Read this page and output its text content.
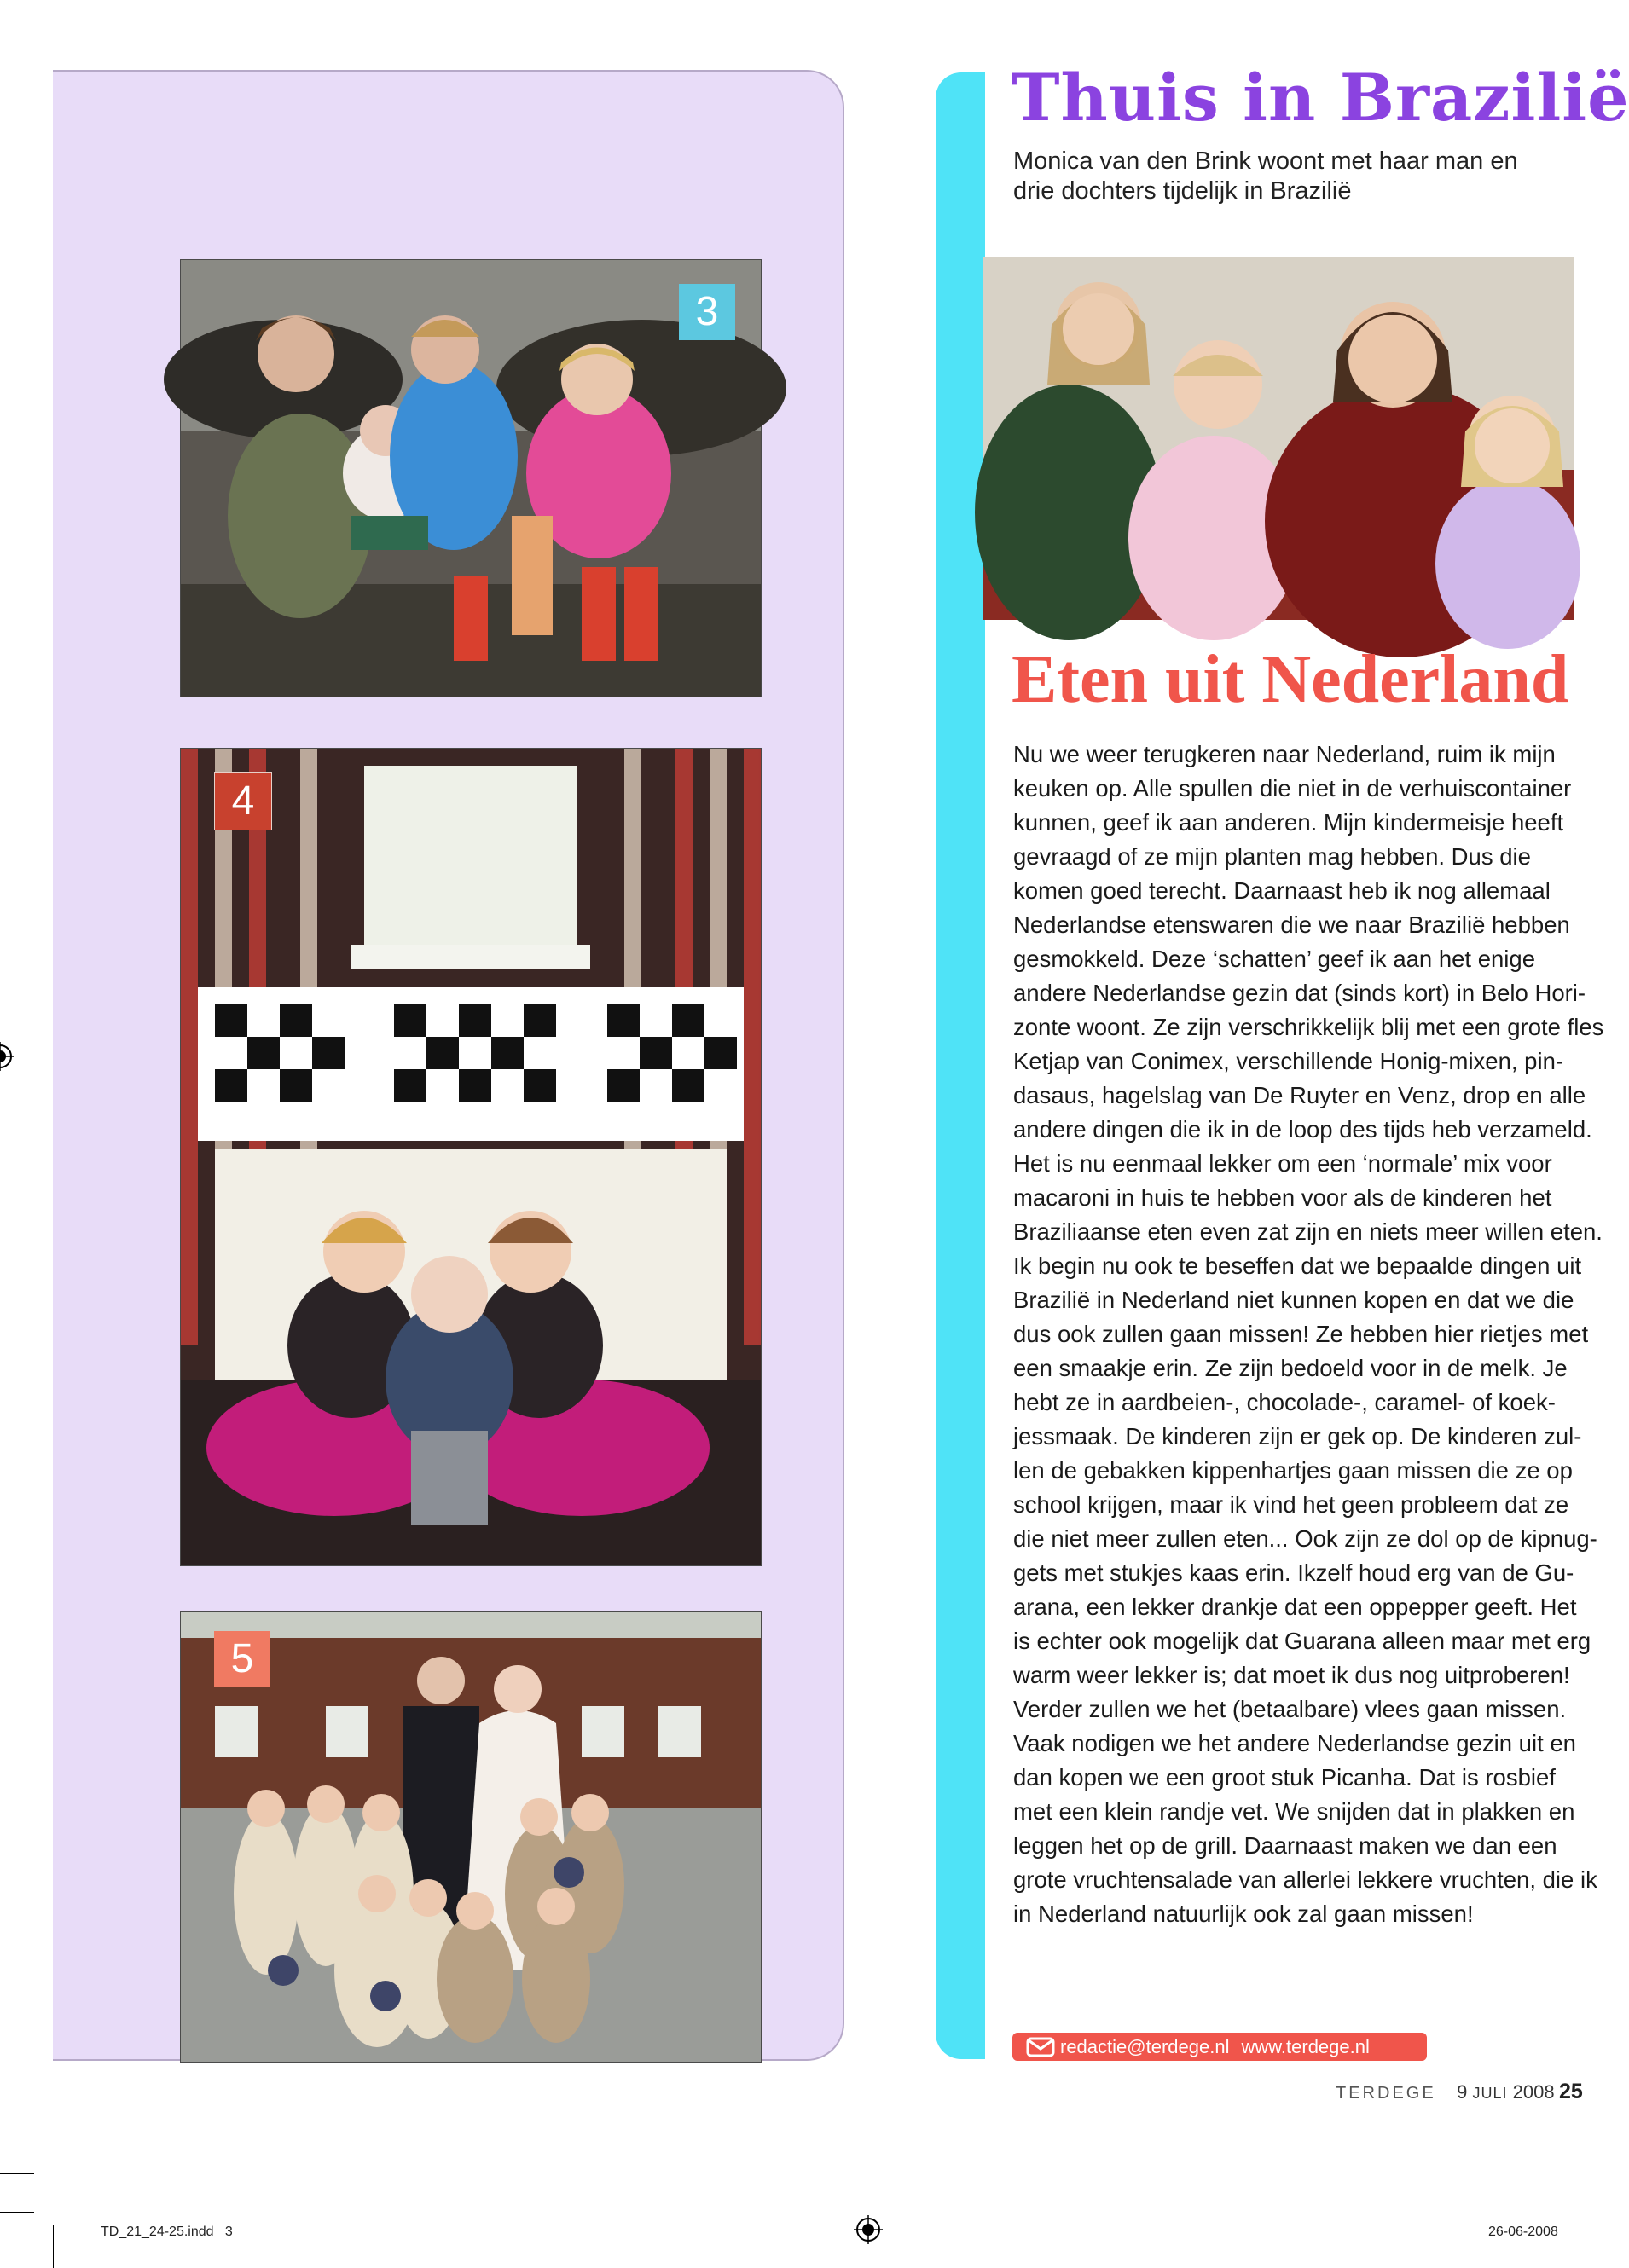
3
4
5
Thuis in Brazilië
Monica van den Brink woont met haar man en drie dochters tijdelijk in Brazilië
Eten uit Nederland
Nu we weer terugkeren naar Nederland, ruim ik mijn
keuken op. Alle spullen die niet in de verhuiscontainer
kunnen, geef ik aan anderen. Mijn kindermeisje heeft
gevraagd of ze mijn planten mag hebben. Dus die
komen goed terecht. Daarnaast heb ik nog allemaal
Nederlandse etenswaren die we naar Brazilië hebben
gesmokkeld. Deze ‘schatten’ geef ik aan het enige
andere Nederlandse gezin dat (sinds kort) in Belo Hori-
zonte woont. Ze zijn verschrikkelijk blij met een grote fles
Ketjap van Conimex, verschillende Honig-mixen, pin-
dasaus, hagelslag van De Ruyter en Venz, drop en alle
andere dingen die ik in de loop des tijds heb verzameld.
Het is nu eenmaal lekker om een ‘normale’ mix voor
macaroni in huis te hebben voor als de kinderen het
Braziliaanse eten even zat zijn en niets meer willen eten.
Ik begin nu ook te beseffen dat we bepaalde dingen uit
Brazilië in Nederland niet kunnen kopen en dat we die
dus ook zullen gaan missen! Ze hebben hier rietjes met
een smaakje erin. Ze zijn bedoeld voor in de melk. Je
hebt ze in aardbeien-, chocolade-, caramel- of koek-
jessmaak. De kinderen zijn er gek op. De kinderen zul-
len de gebakken kippenhartjes gaan missen die ze op
school krijgen, maar ik vind het geen probleem dat ze
die niet meer zullen eten... Ook zijn ze dol op de kipnug-
gets met stukjes kaas erin. Ikzelf houd erg van de Gu-
arana, een lekker drankje dat een oppepper geeft. Het
is echter ook mogelijk dat Guarana alleen maar met erg
warm weer lekker is; dat moet ik dus nog uitproberen!
Verder zullen we het (betaalbare) vlees gaan missen.
Vaak nodigen we het andere Nederlandse gezin uit en
dan kopen we een groot stuk Picanha. Dat is rosbief
met een klein randje vet. We snijden dat in plakken en
leggen het op de grill. Daarnaast maken we dan een
grote vruchtensalade van allerlei lekkere vruchten, die ik
in Nederland natuurlijk ook zal gaan missen!
redactie@terdege.nl www.terdege.nl
TERDEGE 9 JULI 2008 25
TD_21_24-25.indd   3	26-06-2008
